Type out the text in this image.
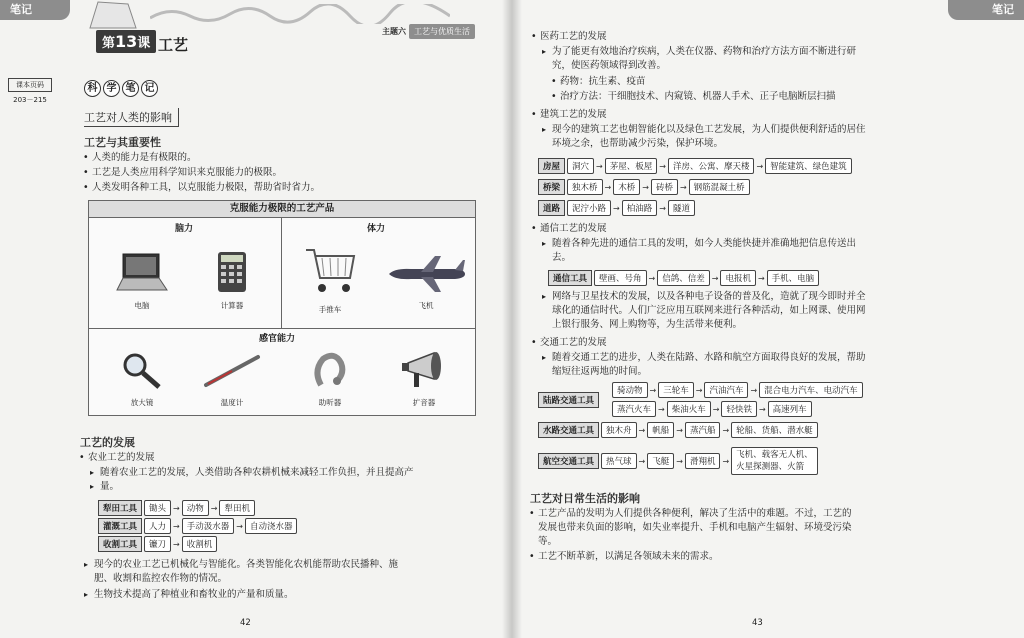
笔记
课本页码
203－215
第13课 工艺
主题六	工艺与优质生活
科 学 笔 记
工艺对人类的影响
工艺与其重要性
• 人类的能力是有极限的。
• 工艺是人类应用科学知识来克服能力的极限。
• 人类发明各种工具，以克服能力极限，帮助省时省力。
克服能力极限的工艺产品
脑力	体力
电脑	计算器	手推车	飞机
感官能力
放大镜	温度计	助听器	扩音器
工艺的发展
• 农业工艺的发展
▸ 随着农业工艺的发展，人类借助各种农耕机械来减轻工作负担，并且提高产
▸ 量。
犁田工具	锄头 → 动物 → 犁田机
灌溉工具	人力 → 手动汲水器 → 自动浇水器
收割工具	镰刀 → 收割机
▸ 现今的农业工艺已机械化与智能化。各类智能化农机能帮助农民播种、施
肥、收割和监控农作物的情况。
▸ 生物技术提高了种植业和畜牧业的产量和质量。
42
笔记
• 医药工艺的发展
▸ 为了能更有效地治疗疾病，人类在仪器、药物和治疗方法方面不断进行研
究，使医药领域得到改善。
• 药物：抗生素、疫苗
• 治疗方法：干细胞技术、内窥镜、机器人手术、正子电脑断层扫描
• 建筑工艺的发展
▸ 现今的建筑工艺也朝智能化以及绿色工艺发展，为人们提供便利舒适的居住
环境之余，也帮助减少污染，保护环境。
房屋	洞穴 → 茅屋、板屋 → 洋房、公寓、摩天楼 → 智能建筑、绿色建筑
桥梁	独木桥 → 木桥 → 砖桥 → 钢筋混凝土桥
道路	泥泞小路 → 柏油路 → 隧道
• 通信工艺的发展
▸ 随着各种先进的通信工具的发明，如今人类能快捷并准确地把信息传送出
去。
通信工具	壁画、号角 → 信鸽、信差 → 电报机 → 手机、电脑
▸ 网络与卫星技术的发展，以及各种电子设备的普及化，造就了现今即时并全
球化的通信时代。人们广泛应用互联网来进行各种活动，如上网课、使用网
上银行服务、网上购物等，为生活带来便利。
• 交通工艺的发展
▸ 随着交通工艺的进步，人类在陆路、水路和航空方面取得良好的发展，帮助
缩短往返两地的时间。
陆路交通工具
骑动物 → 三轮车 → 汽油汽车 → 混合电力汽车、电动汽车
蒸汽火车 → 柴油火车 → 轻快铁 → 高速列车
水路交通工具	独木舟 → 帆船 → 蒸汽船 → 轮船、货船、潜水艇
航空交通工具	热气球 → 飞艇 → 滑翔机 →
飞机、载客无人机、
火星探测器、火箭
工艺对日常生活的影响
• 工艺产品的发明为人们提供各种便利，解决了生活中的难题。不过，工艺的
发展也带来负面的影响，如失业率提升、手机和电脑产生辐射、环境受污染
等。
• 工艺不断革新，以满足各领域未来的需求。
43
